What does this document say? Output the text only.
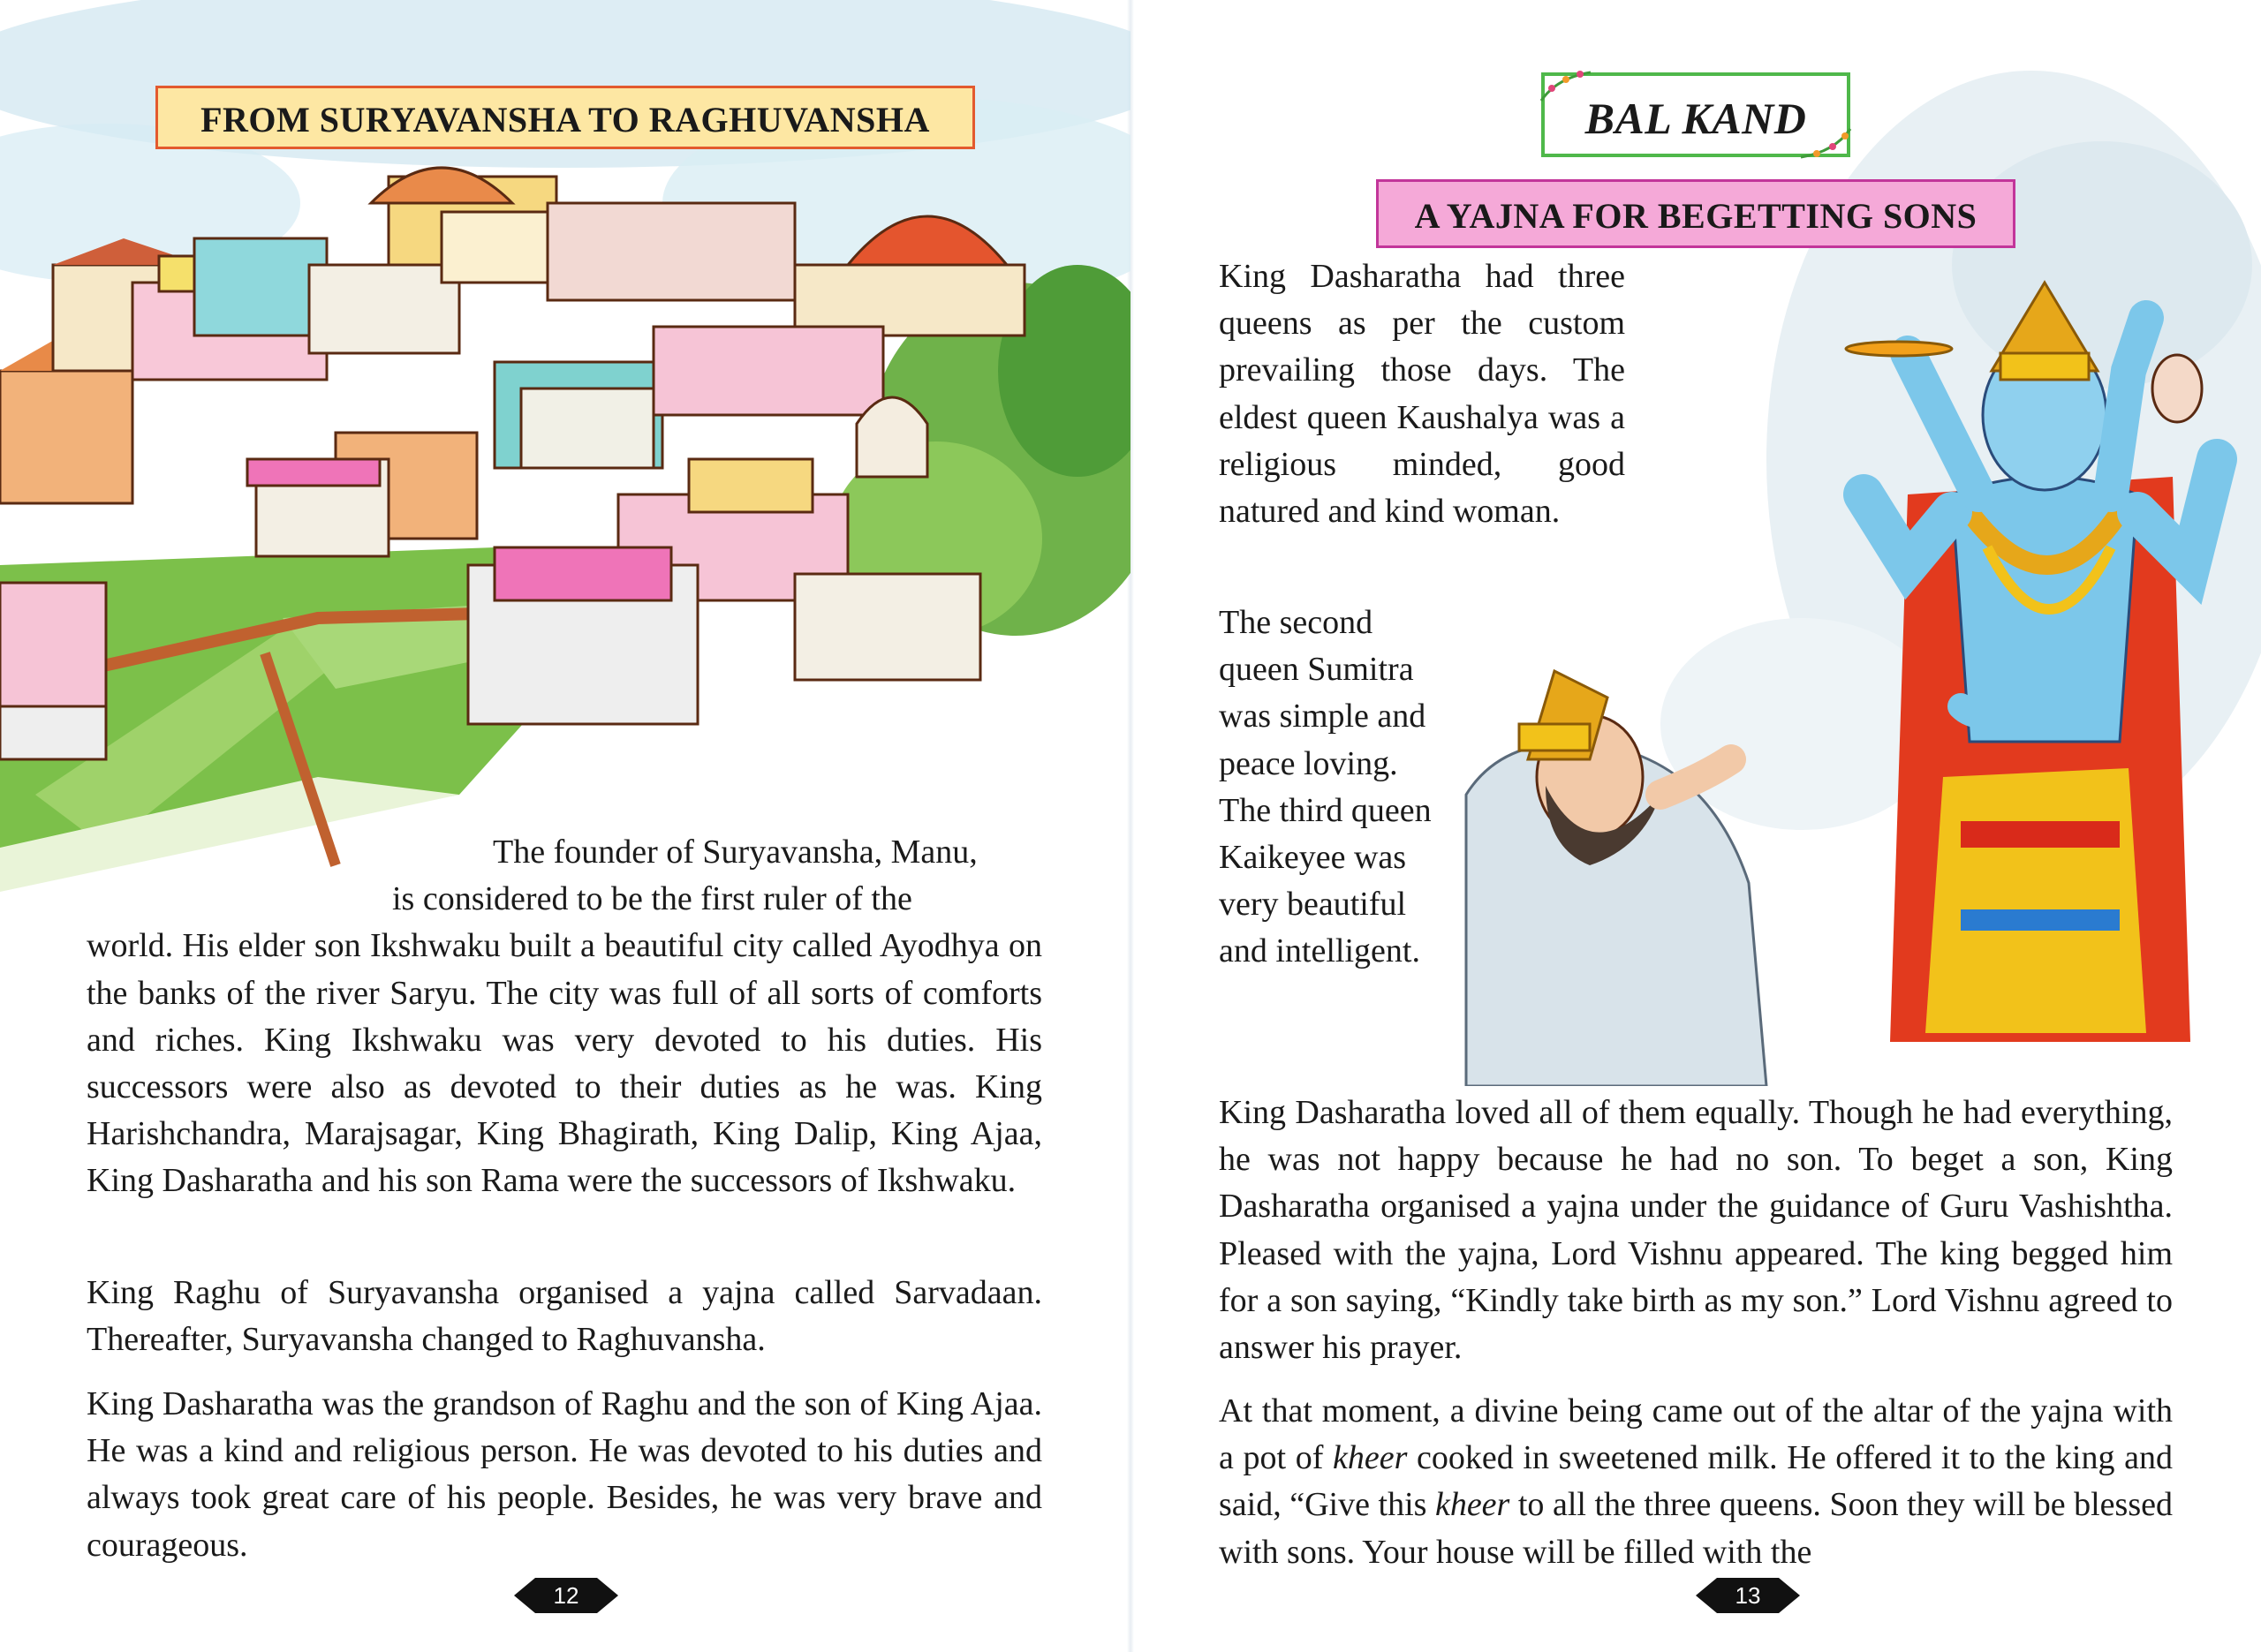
FROM SURYAVANSHA TO RAGHUVANSHA

The founder of Suryavansha, Manu,
is considered to be the first ruler of the
world. His elder son Ikshwaku built a beautiful city called Ayodhya on the banks of the river Saryu. The city was full of all sorts of comforts and riches. King Ikshwaku was very devoted to his duties. His successors were also as devoted to their duties as he was. King Harishchandra, Marajsagar, King Bhagirath, King Dalip, King Ajaa, King Dasharatha and his son Rama were the successors of Ikshwaku.

King Raghu of Suryavansha organised a yajna called Sarvadaan. Thereafter, Suryavansha changed to Raghuvansha.

King Dasharatha was the grandson of Raghu and the son of King Ajaa. He was a kind and religious person. He was devoted to his duties and always took great care of his people. Besides, he was very brave and courageous.

12
BAL KAND
A YAJNA FOR BEGETTING SONS

King Dasharatha had three queens as per the custom prevailing those days. The eldest queen Kaushalya was a religious minded, good natured and kind woman.

The second queen Sumitra was simple and peace loving. The third queen Kaikeyee was very beautiful and intelligent.

King Dasharatha loved all of them equally. Though he had everything, he was not happy because he had no son. To beget a son, King Dasharatha organised a yajna under the guidance of Guru Vashishtha. Pleased with the yajna, Lord Vishnu appeared. The king begged him for a son saying, “Kindly take birth as my son.” Lord Vishnu agreed to answer his prayer.

At that moment, a divine being came out of the altar of the yajna with a pot of kheer cooked in sweetened milk. He offered it to the king and said, “Give this kheer to all the three queens. Soon they will be blessed with sons. Your house will be filled with the

13
